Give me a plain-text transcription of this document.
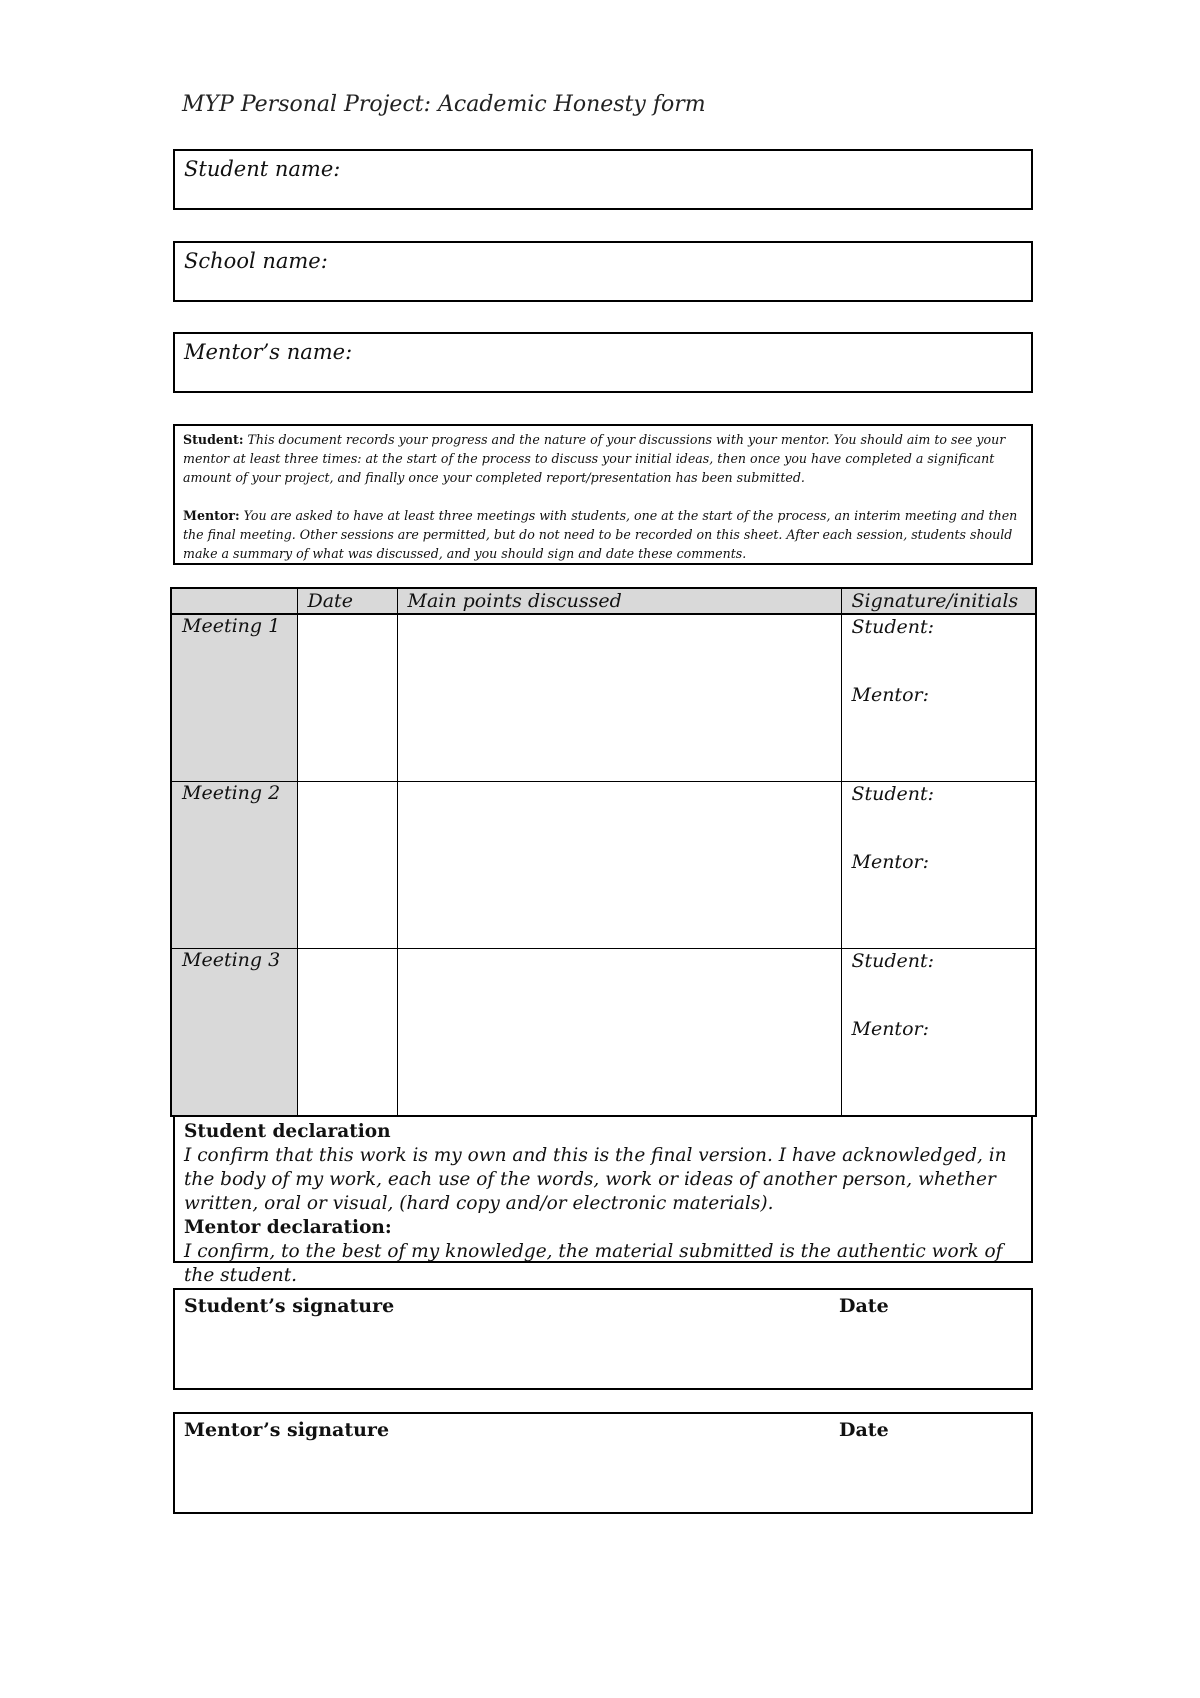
MYP Personal Project: Academic Honesty form
Student name:
School name:
Mentor’s name:

Student: This document records your progress and the nature of your discussions with your mentor. You should aim to see your mentor at least three times: at the start of the process to discuss your initial ideas, then once you have completed a significant amount of your project, and finally once your completed report/presentation has been submitted.

Mentor: You are asked to have at least three meetings with students, one at the start of the process, an interim meeting and then the final meeting. Other sessions are permitted, but do not need to be recorded on this sheet. After each session, students should make a summary of what was discussed, and you should sign and date these comments.

	Date	Main points discussed	Signature/initials
Meeting 1			Student:
Mentor:

Meeting 2			Student:
Mentor:

Meeting 3			Student:
Mentor:
Student declaration
I confirm that this work is my own and this is the final version. I have acknowledged, in the body of my work, each use of the words, work or ideas of another person, whether written, oral or visual, (hard copy and/or electronic materials).
Mentor declaration:
I confirm, to the best of my knowledge, the material submitted is the authentic work of the student.
Student’s signature	Date
Mentor’s signature	Date
